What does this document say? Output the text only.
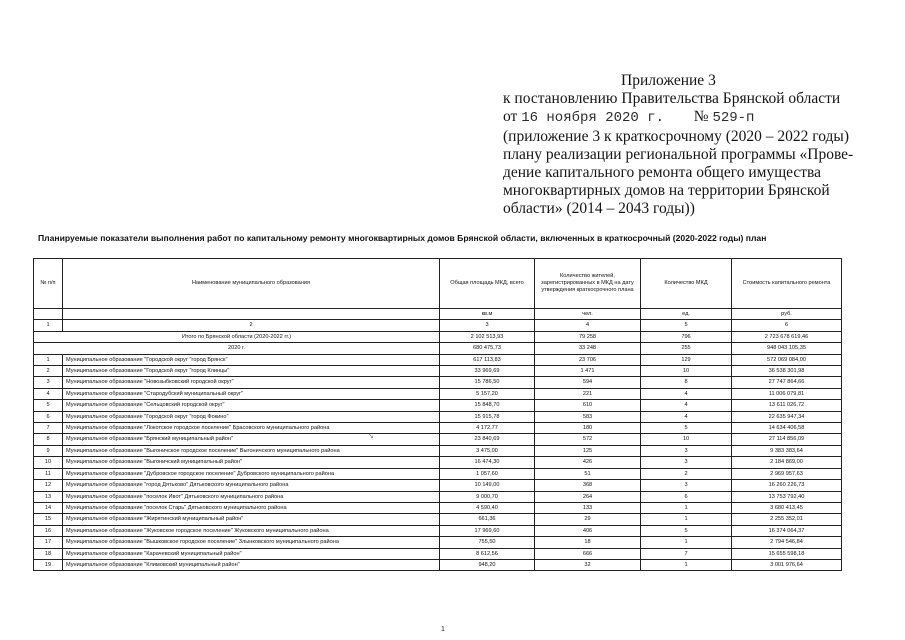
Приложение 3
к постановлению Правительства Брянской области
от 16 ноября 2020 г. № 529-п
(приложение 3 к краткосрочному (2020 – 2022 годы)
плану реализации региональной программы «Прове-
дение капитального ремонта общего имущества
многоквартирных домов на территории Брянской
области» (2014 – 2043 годы))
Планируемые показатели выполнения работ по капитальному ремонту многоквартирных домов Брянской области, включенных в краткосрочный (2020-2022 годы) план
№ п/п	Наименование муниципального образования	Общая площадь МКД, всего	Количество жителей, зарегистрированных в МКД на дату утверждения краткосрочного плана	Количество МКД	Стоимость капитального ремонта
		кв.м	чел.	ед.	руб.
1	2	3	4	5	6
Итого по Брянской области (2020-2022 гг.)		2 102 513,93	79 258	796	2 723 678 619,46
2020 г.		680 475,73	33 248	255	948 043 105,35
1	Муниципальное образование "Городской округ "город Брянск"	617 113,83	23 706	129	572 069 084,00
2	Муниципальное образование "Городской округ "город Клинцы"	33 969,69	1 471	10	36 538 301,98
3	Муниципальное образование "Новозыбковский городской округ"	15 786,50	594	8	27 747 864,66
4	Муниципальное образование "Стародубский муниципальный округ"	5 157,20	221	4	11 006 079,81
5	Муниципальное образование "Сельцовский городской округ"	15 848,70	610	4	13 611 026,72
6	Муниципальное образование "Городской округ "город Фокино"	15 915,78	583	4	22 635 947,34
7	Муниципальное образование "Локотское городское поселение" Брасовского муниципального района	4 172,77	180	5	14 634 406,58
8	Муниципальное образование "Брянский муниципальный район"	23 840,69	572	10	27 114 856,09
9	Муниципальное образование "Выгоничское городское поселение" Выгоничского муниципального района	3 475,00	125	3	9 383 383,64
10	Муниципальное образование "Выгоничский муниципальный район"	16 474,30	426	3	2 184 869,00
11	Муниципальное образование "Дубровское городское поселение" Дубровского муниципального района	1 057,60	51	2	2 969 957,63
12	Муниципальное образование "город Дятьково" Дятьковского муниципального района	10 149,00	368	3	16 260 226,73
13	Муниципальное образование "поселок Ивот" Дятьковского муниципального района	9 000,70	264	6	13 753 792,40
14	Муниципальное образование "поселок Старь" Дятьковского муниципального района	4 590,40	133	1	3 680 413,45
15	Муниципальное образование "Жирятинский муниципальный район"	661,36	29	1	2 255 352,01
16	Муниципальное образование "Жуковское городское поселение" Жуковского муниципального района	17 969,60	406	5	16 374 064,37
17	Муниципальное образование "Вышковское городское поселение" Злынковского муниципального района	755,50	18	1	2 794 546,84
18	Муниципальное образование "Карачевский муниципальный район"	8 612,56	666	7	15 655 598,18
19	Муниципальное образование "Климовский муниципальный район"	948,20	32	1	3 001 976,64
↘
1
